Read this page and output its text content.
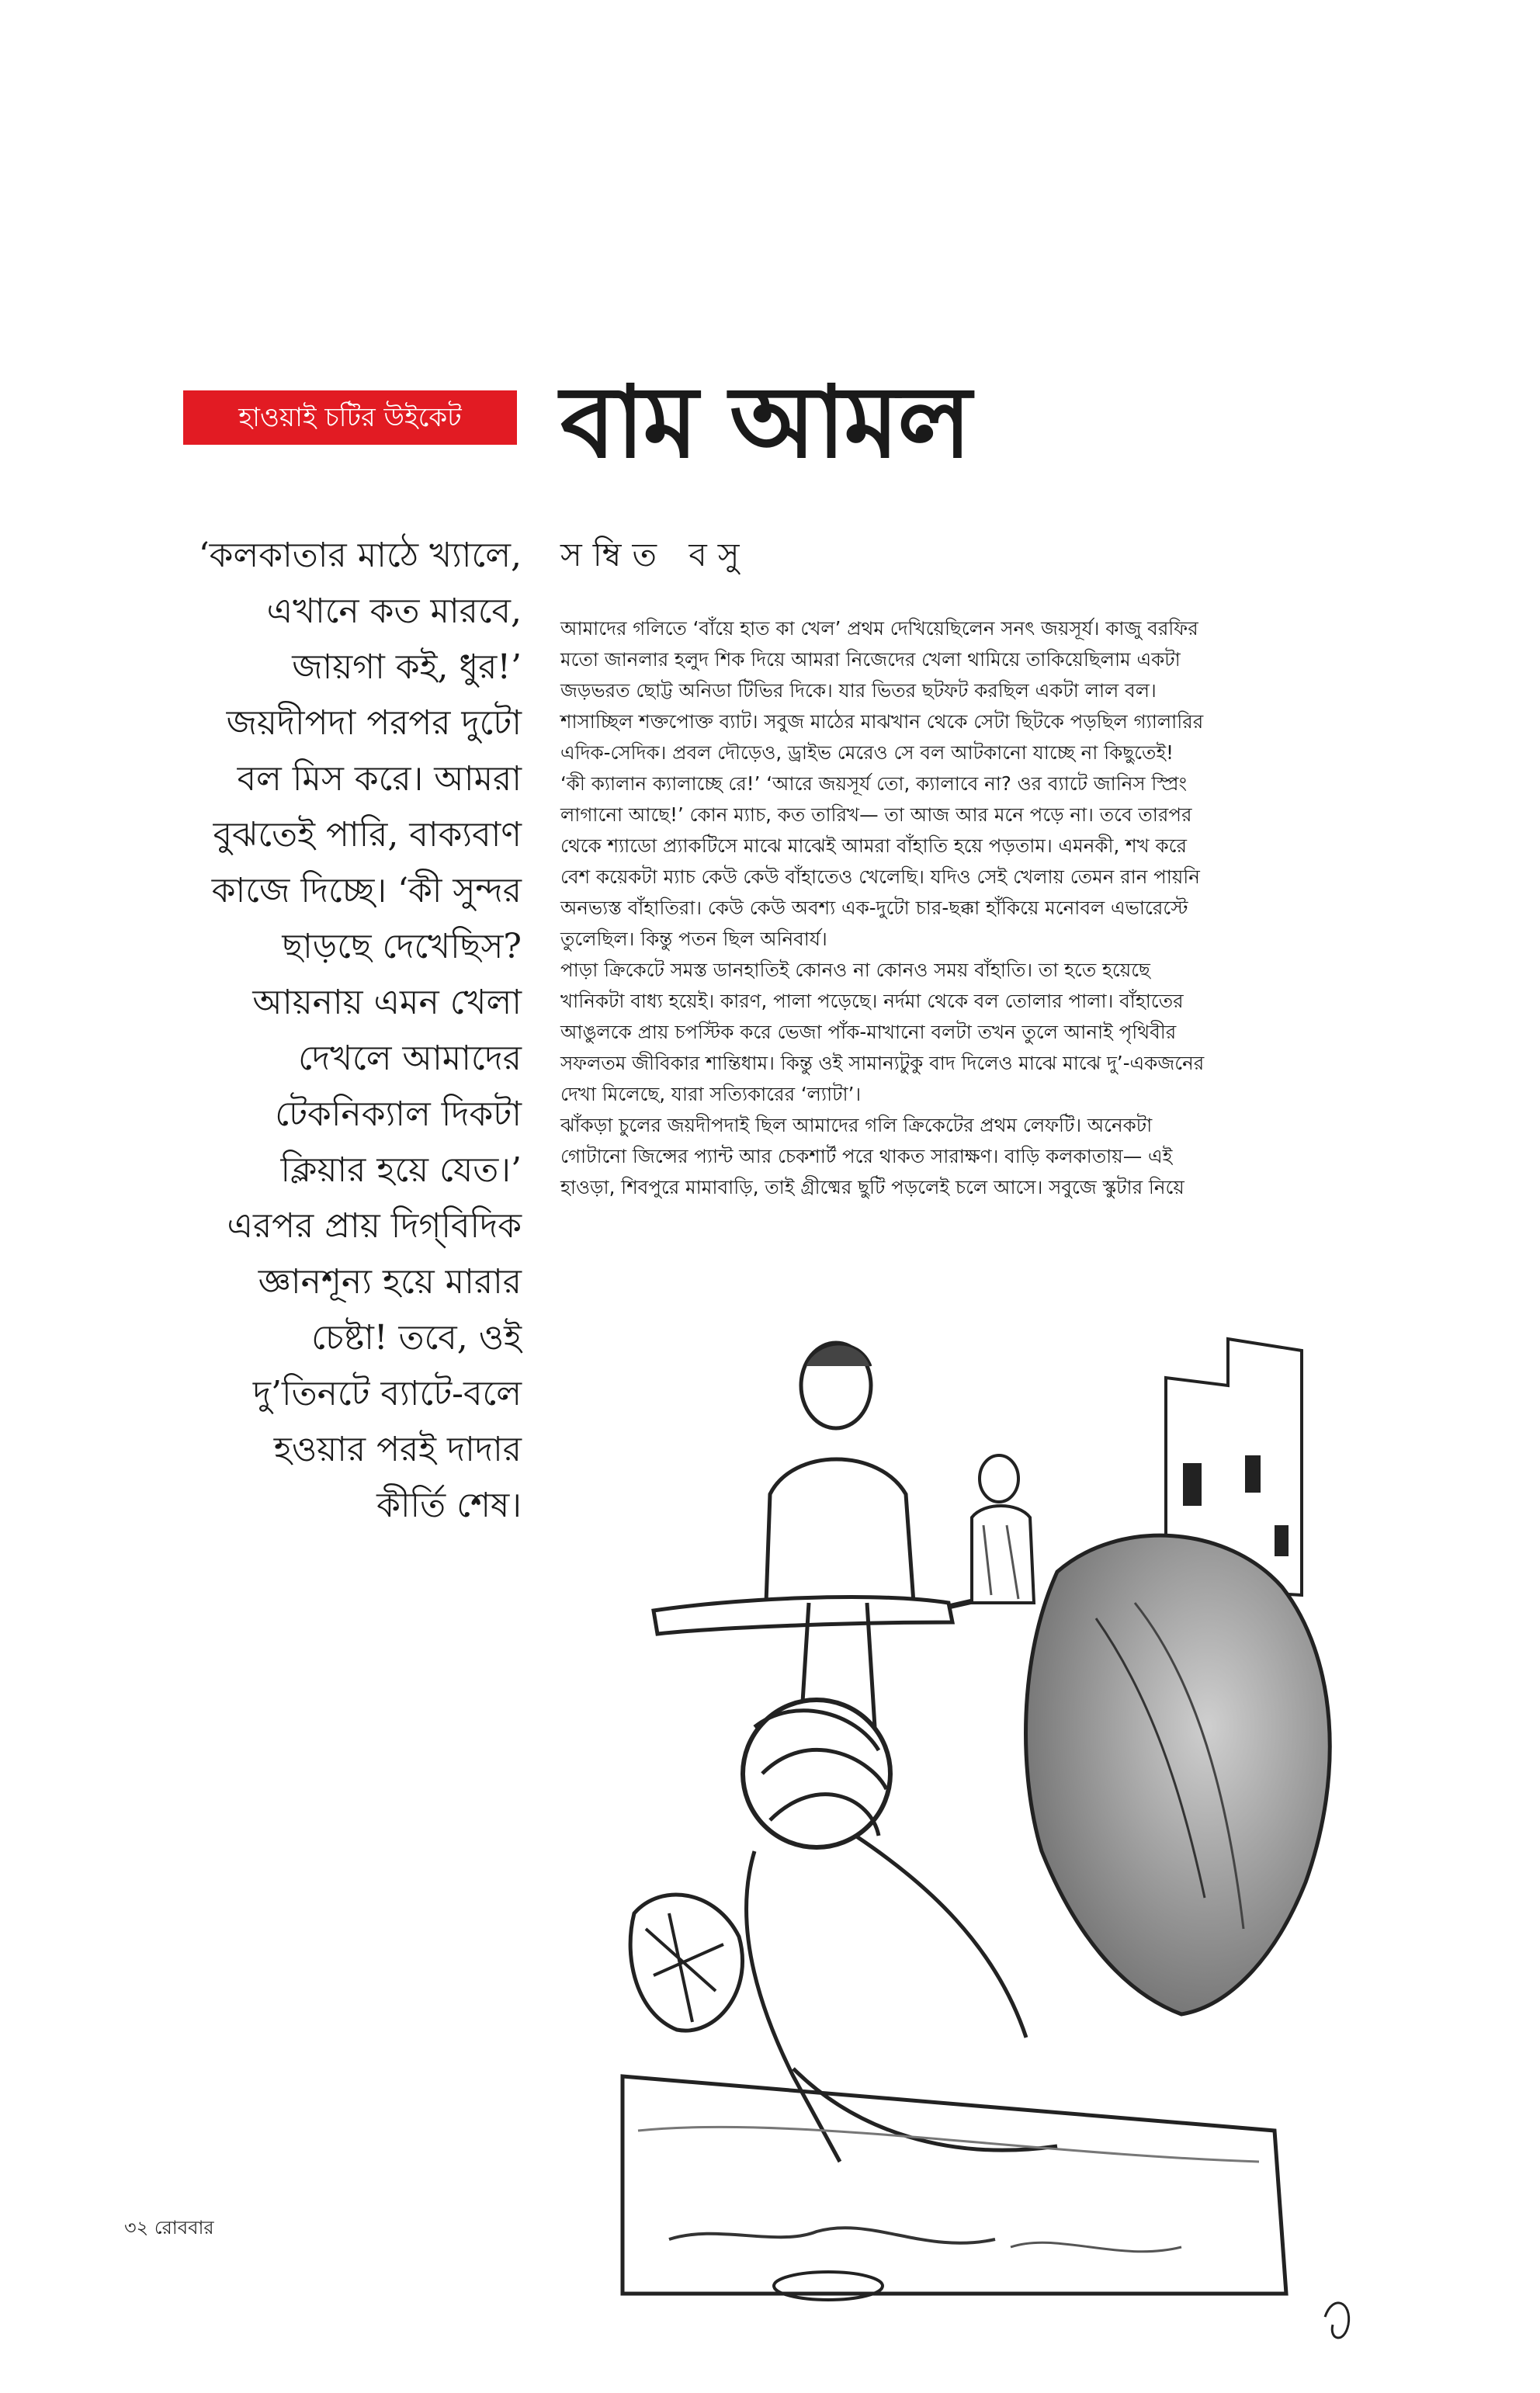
হাওয়াই চটির উইকেট বাম আমল
‘কলকাতার মাঠে খ্যালে,
এখানে কত মারবে,
জায়গা কই, ধুর!’
জয়দীপদা পরপর দুটো
বল মিস করে। আমরা
বুঝতেই পারি, বাক্যবাণ
কাজে দিচ্ছে। ‘কী সুন্দর
ছাড়ছে দেখেছিস?
আয়নায় এমন খেলা
দেখলে আমাদের
টেকনিক্যাল দিকটা
ক্লিয়ার হয়ে যেত।’
এরপর প্রায় দিগ্‌বিদিক
জ্ঞানশূন্য হয়ে মারার
চেষ্টা! তবে, ওই
দু’তিনটে ব্যাটে-বলে
হওয়ার পরই দাদার
কীর্তি শেষ।
সম্বিত বসু
আমাদের গলিতে ‘বাঁয়ে হাত কা খেল’ প্রথম দেখিয়েছিলেন সনৎ জয়সূর্য। কাজু বরফির
মতো জানলার হলুদ শিক দিয়ে আমরা নিজেদের খেলা থামিয়ে তাকিয়েছিলাম একটা
জড়ভরত ছোট্ট অনিডা টিভির দিকে। যার ভিতর ছটফট করছিল একটা লাল বল।
শাসাচ্ছিল শক্তপোক্ত ব্যাট। সবুজ মাঠের মাঝখান থেকে সেটা ছিটকে পড়ছিল গ্যালারির
এদিক-সেদিক। প্রবল দৌড়েও, ড্রাইভ মেরেও সে বল আটকানো যাচ্ছে না কিছুতেই!
‘কী ক্যালান ক্যালাচ্ছে রে!’ ‘আরে জয়সূর্য তো, ক্যালাবে না? ওর ব্যাটে জানিস স্প্রিং
লাগানো আছে!’ কোন ম্যাচ, কত তারিখ— তা আজ আর মনে পড়ে না। তবে তারপর
থেকে শ্যাডো প্র্যাকটিসে মাঝে মাঝেই আমরা বাঁহাতি হয়ে পড়তাম। এমনকী, শখ করে
বেশ কয়েকটা ম্যাচ কেউ কেউ বাঁহাতেও খেলেছি। যদিও সেই খেলায় তেমন রান পায়নি
অনভ্যস্ত বাঁহাতিরা। কেউ কেউ অবশ্য এক-দুটো চার-ছক্কা হাঁকিয়ে মনোবল এভারেস্টে
তুলেছিল। কিন্তু পতন ছিল অনিবার্য।
পাড়া ক্রিকেটে সমস্ত ডানহাতিই কোনও না কোনও সময় বাঁহাতি। তা হতে হয়েছে
খানিকটা বাধ্য হয়েই। কারণ, পালা পড়েছে। নর্দমা থেকে বল তোলার পালা। বাঁহাতের
আঙুলকে প্রায় চপস্টিক করে ভেজা পাঁক-মাখানো বলটা তখন তুলে আনাই পৃথিবীর
সফলতম জীবিকার শান্তিধাম। কিন্তু ওই সামান্যটুকু বাদ দিলেও মাঝে মাঝে দু’-একজনের
দেখা মিলেছে, যারা সত্যিকারের ‘ল্যাটা’।
ঝাঁকড়া চুলের জয়দীপদাই ছিল আমাদের গলি ক্রিকেটের প্রথম লেফটি। অনেকটা
গোটানো জিন্সের প্যান্ট আর চেকশার্ট পরে থাকত সারাক্ষণ। বাড়ি কলকাতায়— এই
হাওড়া, শিবপুরে মামাবাড়ি, তাই গ্রীষ্মের ছুটি পড়লেই চলে আসে। সবুজে স্কুটার নিয়ে
৩২ রোববার
